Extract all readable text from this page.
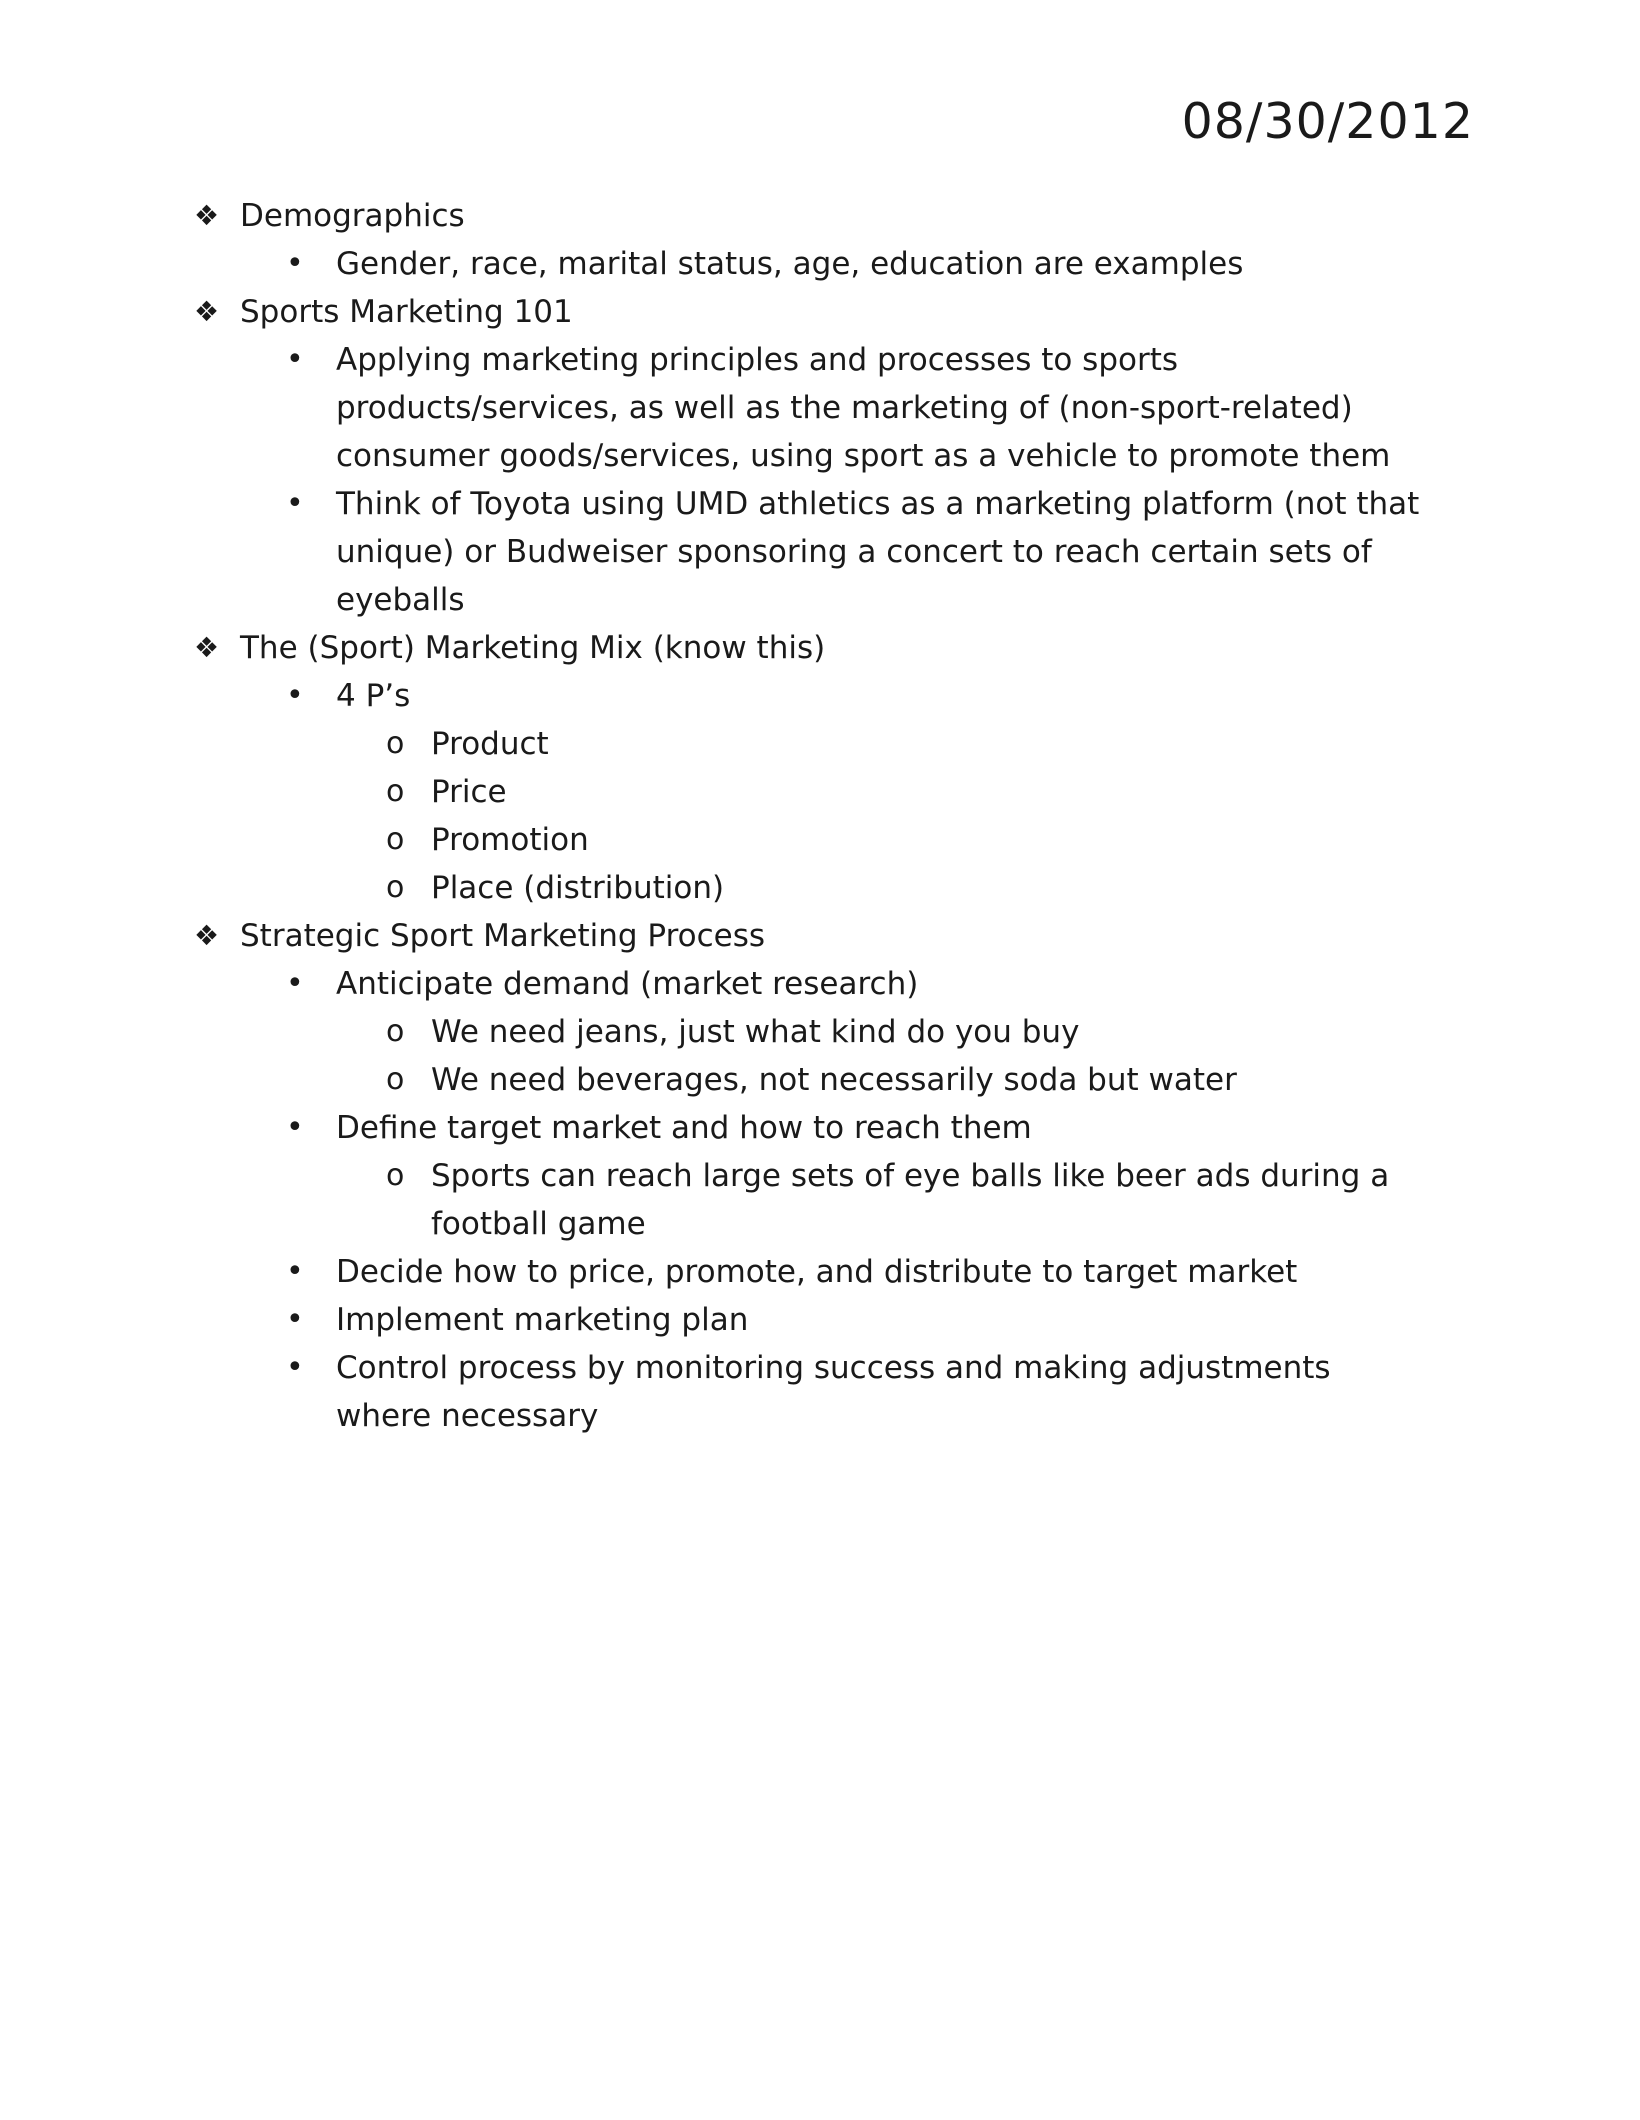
08/30/2012
❖ Demographics
• Gender, race, marital status, age, education are examples
❖ Sports Marketing 101
• Applying marketing principles and processes to sports products/services, as well as the marketing of (non-sport-related) consumer goods/services, using sport as a vehicle to promote them
• Think of Toyota using UMD athletics as a marketing platform (not that unique) or Budweiser sponsoring a concert to reach certain sets of eyeballs
❖ The (Sport) Marketing Mix (know this)
• 4 P’s
o Product
o Price
o Promotion
o Place (distribution)
❖ Strategic Sport Marketing Process
• Anticipate demand (market research)
o We need jeans, just what kind do you buy
o We need beverages, not necessarily soda but water
• Define target market and how to reach them
o Sports can reach large sets of eye balls like beer ads during a football game
• Decide how to price, promote, and distribute to target market
• Implement marketing plan
• Control process by monitoring success and making adjustments where necessary
